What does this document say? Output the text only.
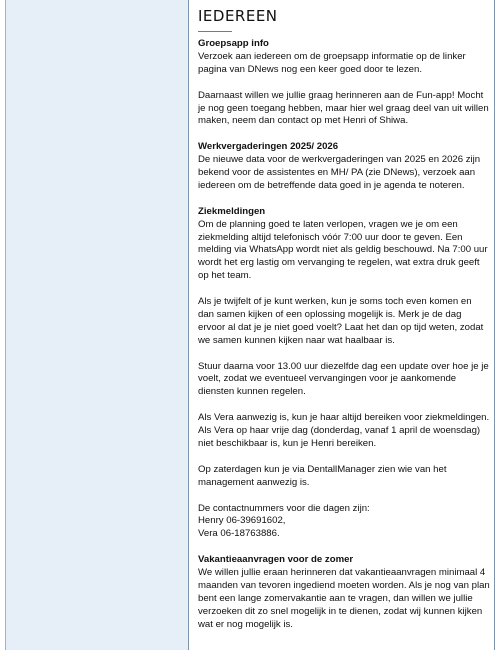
IEDEREEN
Groepsapp info

Verzoek aan iedereen om de groepsapp informatie op de linker pagina van DNews nog een keer goed door te lezen.

Daarnaast willen we jullie graag herinneren aan de Fun-app! Mocht je nog geen toegang hebben, maar hier wel graag deel van uit willen maken, neem dan contact op met Henri of Shiwa.

Werkvergaderingen 2025/ 2026

De nieuwe data voor de werkvergaderingen van 2025 en 2026 zijn bekend voor de assistentes en MH/ PA (zie DNews), verzoek aan iedereen om de betreffende data goed in je agenda te noteren.

Ziekmeldingen

Om de planning goed te laten verlopen, vragen we je om een ziekmelding altijd telefonisch vóór 7:00 uur door te geven. Een melding via WhatsApp wordt niet als geldig beschouwd. Na 7:00 uur wordt het erg lastig om vervanging te regelen, wat extra druk geeft op het team.

Als je twijfelt of je kunt werken, kun je soms toch even komen en dan samen kijken of een oplossing mogelijk is. Merk je de dag ervoor al dat je je niet goed voelt? Laat het dan op tijd weten, zodat we samen kunnen kijken naar wat haalbaar is.

Stuur daarna voor 13.00 uur diezelfde dag een update over hoe je je voelt, zodat we eventueel vervangingen voor je aankomende diensten kunnen regelen.

Als Vera aanwezig is, kun je haar altijd bereiken voor ziekmeldingen. Als Vera op haar vrije dag (donderdag, vanaf 1 april de woensdag) niet beschikbaar is, kun je Henri bereiken.

Op zaterdagen kun je via DentallManager zien wie van het management aanwezig is.

De contactnummers voor die dagen zijn:
Henry 06-39691602,
Vera 06-18763886.

Vakantieaanvragen voor de zomer

We willen jullie eraan herinneren dat vakantieaanvragen minimaal 4 maanden van tevoren ingediend moeten worden. Als je nog van plan bent een lange zomervakantie aan te vragen, dan willen we jullie verzoeken dit zo snel mogelijk in te dienen, zodat wij kunnen kijken wat er nog mogelijk is.
